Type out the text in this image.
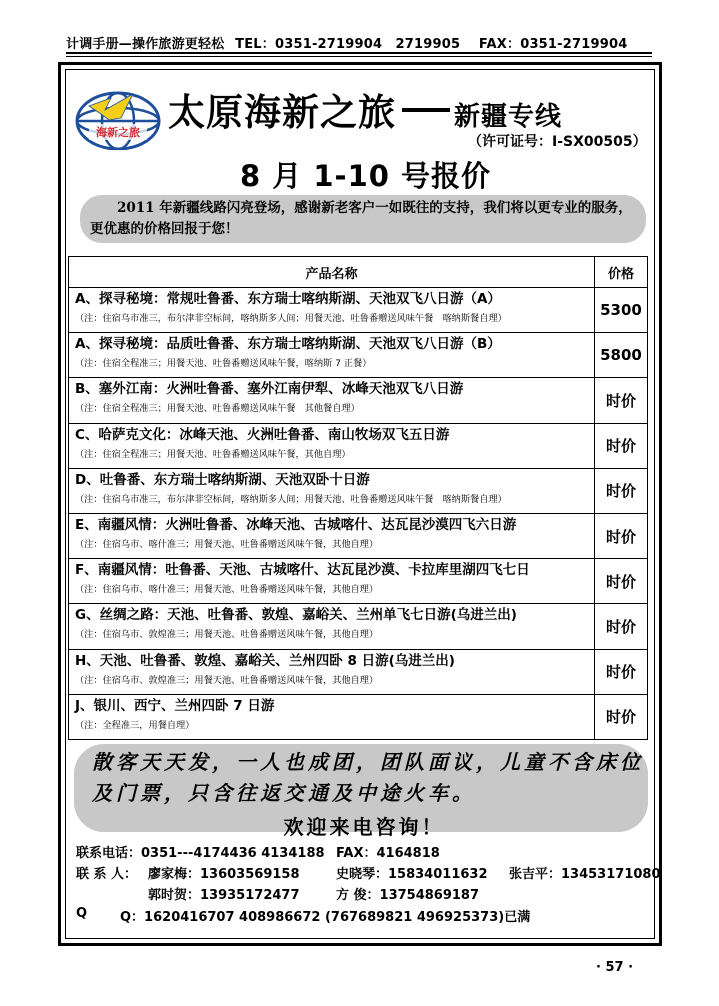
计调手册—操作旅游更轻松 TEL：0351-2719904　2719905 FAX：0351-2719904
海新之旅 太原海新之旅 新疆专线
（许可证号：I-SX00505）
8 月 1-10 号报价
2011 年新疆线路闪亮登场，感谢新老客户一如既往的支持，我们将以更专业的服务，更优惠的价格回报于您！
产品名称	价格

A、探寻秘境：常规吐鲁番、东方瑞士喀纳斯湖、天池双飞八日游（A）
（注：住宿乌市准三，布尔津非空标间，喀纳斯多人间；用餐天池、吐鲁番赠送风味午餐　喀纳斯餐自理）	5300

A、探寻秘境：品质吐鲁番、东方瑞士喀纳斯湖、天池双飞八日游（B）
（注：住宿全程准三；用餐天池、吐鲁番赠送风味午餐，喀纳斯 7 正餐）	5800

B、塞外江南：火洲吐鲁番、塞外江南伊犁、冰峰天池双飞八日游
（注：住宿全程准三；用餐天池、吐鲁番赠送风味午餐　其他餐自理）	时价

C、哈萨克文化：冰峰天池、火洲吐鲁番、南山牧场双飞五日游
（注：住宿全程准三；用餐天池、吐鲁番赠送风味午餐，其他自理）	时价

D、吐鲁番、东方瑞士喀纳斯湖、天池双卧十日游
（注：住宿乌市准三，布尔津非空标间，喀纳斯多人间；用餐天池、吐鲁番赠送风味午餐　喀纳斯餐自理）	时价

E、南疆风情：火洲吐鲁番、冰峰天池、古城喀什、达瓦昆沙漠四飞六日游
（注：住宿乌市、喀什准三；用餐天池、吐鲁番赠送风味午餐，其他自理）	时价

F、南疆风情：吐鲁番、天池、古城喀什、达瓦昆沙漠、卡拉库里湖四飞七日
（注：住宿乌市、喀什准三；用餐天池、吐鲁番赠送风味午餐，其他自理）	时价

G、丝绸之路：天池、吐鲁番、敦煌、嘉峪关、兰州单飞七日游(乌进兰出)
（注：住宿乌市、敦煌准三；用餐天池、吐鲁番赠送风味午餐，其他自理）	时价

H、天池、吐鲁番、敦煌、嘉峪关、兰州四卧 8 日游(乌进兰出)
（注：住宿乌市、敦煌准三；用餐天池、吐鲁番赠送风味午餐，其他自理）	时价

J、银川、西宁、兰州四卧 7 日游
（注：全程准三，用餐自理）	时价
散客天天发，一人也成团，团队面议，儿童不含床位
及门票，只含往返交通及中途火车。
欢迎来电咨询！
联系电话：0351---4174436 4134188 FAX：4164818
联 系 人： 廖家梅：13603569158	史晓琴：15834011632 张吉平：13453171080
郭时贺：13935172477	方 俊：13754869187
Q	Q：1620416707 408986672 (767689821 496925373)已满
· 57 ·
